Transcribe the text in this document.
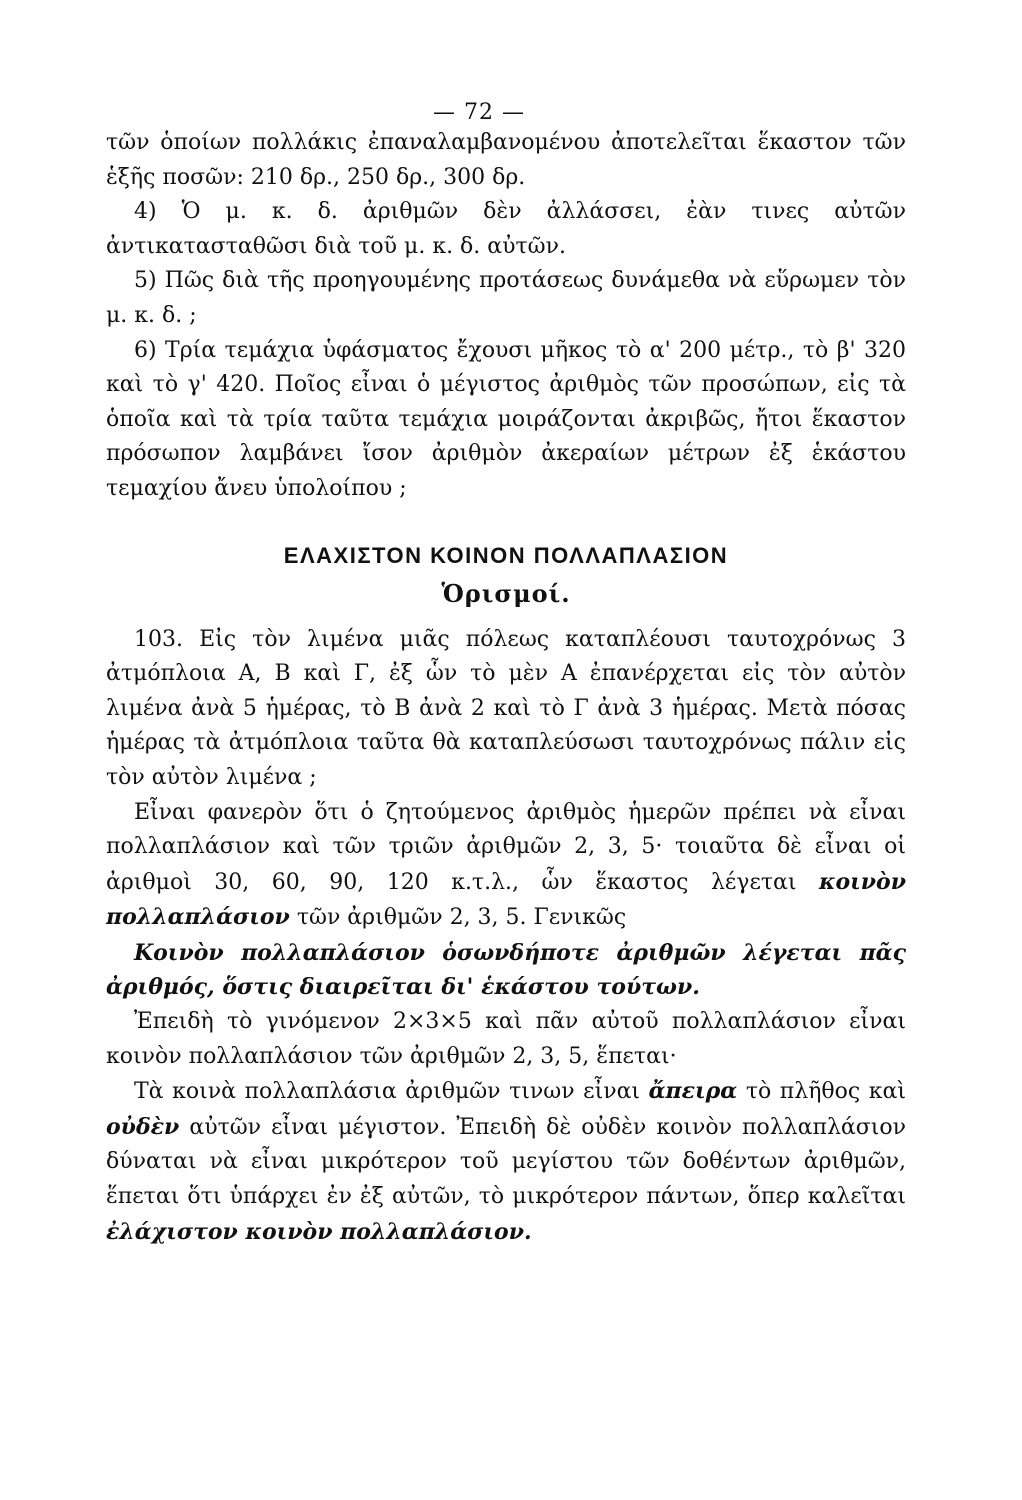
— 72 —

τῶν ὁποίων πολλάκις ἐπαναλαμβανομένου ἀποτελεῖται ἕκαστον τῶν ἑξῆς ποσῶν: 210 δρ., 250 δρ., 300 δρ.

4) Ὁ μ. κ. δ. ἀριθμῶν δὲν ἀλλάσσει, ἐὰν τινες αὐτῶν ἀντικατασταθῶσι διὰ τοῦ μ. κ. δ. αὐτῶν.

5) Πῶς διὰ τῆς προηγουμένης προτάσεως δυνάμεθα νὰ εὕρωμεν τὸν μ. κ. δ. ;

6) Τρία τεμάχια ὑφάσματος ἔχουσι μῆκος τὸ α' 200 μέτρ., τὸ β' 320 καὶ τὸ γ' 420. Ποῖος εἶναι ὁ μέγιστος ἀριθμὸς τῶν προσώπων, εἰς τὰ ὁποῖα καὶ τὰ τρία ταῦτα τεμάχια μοιράζονται ἀκριβῶς, ἤτοι ἕκαστον πρόσωπον λαμβάνει ἴσον ἀριθμὸν ἀκεραίων μέτρων ἐξ ἑκάστου τεμαχίου ἄνευ ὑπολοίπου ;

ΕΛΑΧΙΣΤΟΝ ΚΟΙΝΟΝ ΠΟΛΛΑΠΛΑΣΙΟΝ
Ὁρισμοί.

103. Εἰς τὸν λιμένα μιᾶς πόλεως καταπλέουσι ταυτοχρόνως 3 ἀτμόπλοια Α, Β καὶ Γ, ἐξ ὧν τὸ μὲν Α ἐπανέρχεται εἰς τὸν αὐτὸν λιμένα ἀνὰ 5 ἡμέρας, τὸ Β ἀνὰ 2 καὶ τὸ Γ ἀνὰ 3 ἡμέρας. Μετὰ πόσας ἡμέρας τὰ ἀτμόπλοια ταῦτα θὰ καταπλεύσωσι ταυτοχρόνως πάλιν εἰς τὸν αὐτὸν λιμένα ;

Εἶναι φανερὸν ὅτι ὁ ζητούμενος ἀριθμὸς ἡμερῶν πρέπει νὰ εἶναι πολλαπλάσιον καὶ τῶν τριῶν ἀριθμῶν 2, 3, 5· τοιαῦτα δὲ εἶναι οἱ ἀριθμοὶ 30, 60, 90, 120 κ.τ.λ., ὧν ἕκαστος λέγεται κοινὸν πολλαπλάσιον τῶν ἀριθμῶν 2, 3, 5. Γενικῶς

Κοινὸν πολλαπλάσιον ὁσωνδήποτε ἀριθμῶν λέγεται πᾶς ἀριθμός, ὅστις διαιρεῖται δι' ἑκάστου τούτων.

Ἐπειδὴ τὸ γινόμενον 2×3×5 καὶ πᾶν αὐτοῦ πολλαπλάσιον εἶναι κοινὸν πολλαπλάσιον τῶν ἀριθμῶν 2, 3, 5, ἕπεται·

Τὰ κοινὰ πολλαπλάσια ἀριθμῶν τινων εἶναι ἄπειρα τὸ πλῆθος καὶ οὐδὲν αὐτῶν εἶναι μέγιστον. Ἐπειδὴ δὲ οὐδὲν κοινὸν πολλαπλάσιον δύναται νὰ εἶναι μικρότερον τοῦ μεγίστου τῶν δοθέντων ἀριθμῶν, ἕπεται ὅτι ὑπάρχει ἐν ἐξ αὐτῶν, τὸ μικρότερον πάντων, ὅπερ καλεῖται ἐλάχιστον κοινὸν πολλαπλάσιον.
